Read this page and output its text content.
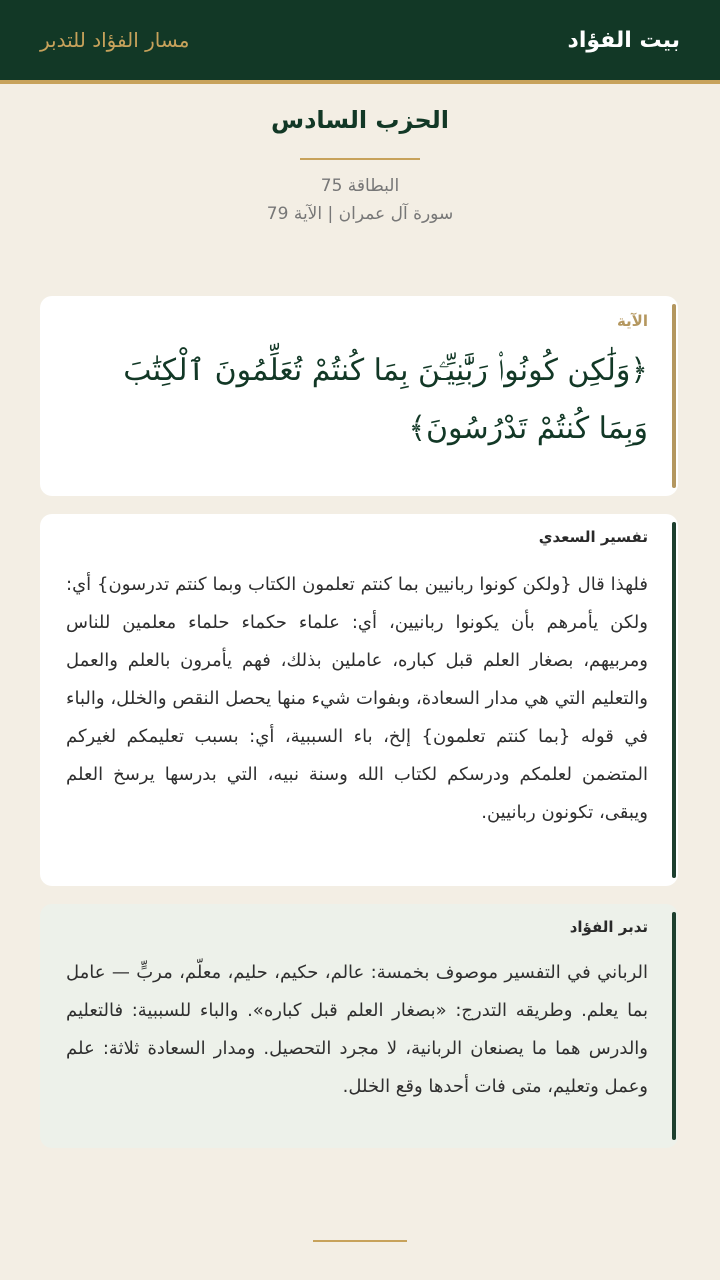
بيت الفؤاد
مسار الفؤاد للتدبر
الحزب السادس
البطاقة 75
سورة آل عمران | الآية 79
الآية
﴿وَلَٰكِن كُونُوا۟ رَبَّٰنِيِّـۧنَ بِمَا كُنتُمْ تُعَلِّمُونَ ٱلْكِتَٰبَ وَبِمَا كُنتُمْ تَدْرُسُونَ﴾
تفسير السعدي
فلهذا قال {ولكن كونوا ربانيين بما كنتم تعلمون الكتاب وبما كنتم تدرسون} أي: ولكن يأمرهم بأن يكونوا ربانيين، أي: علماء حكماء حلماء معلمين للناس ومربيهم، بصغار العلم قبل كباره، عاملين بذلك، فهم يأمرون بالعلم والعمل والتعليم التي هي مدار السعادة، وبفوات شيء منها يحصل النقص والخلل، والباء في قوله {بما كنتم تعلمون} إلخ، باء السببية، أي: بسبب تعليمكم لغيركم المتضمن لعلمكم ودرسكم لكتاب الله وسنة نبيه، التي بدرسها يرسخ العلم ويبقى، تكونون ربانيين.
تدبر الفؤاد
الرباني في التفسير موصوف بخمسة: عالم، حكيم، حليم، معلّم، مربٍّ — عامل بما يعلم. وطريقه التدرج: «بصغار العلم قبل كباره». والباء للسببية: فالتعليم والدرس هما ما يصنعان الربانية، لا مجرد التحصيل. ومدار السعادة ثلاثة: علم وعمل وتعليم، متى فات أحدها وقع الخلل.
